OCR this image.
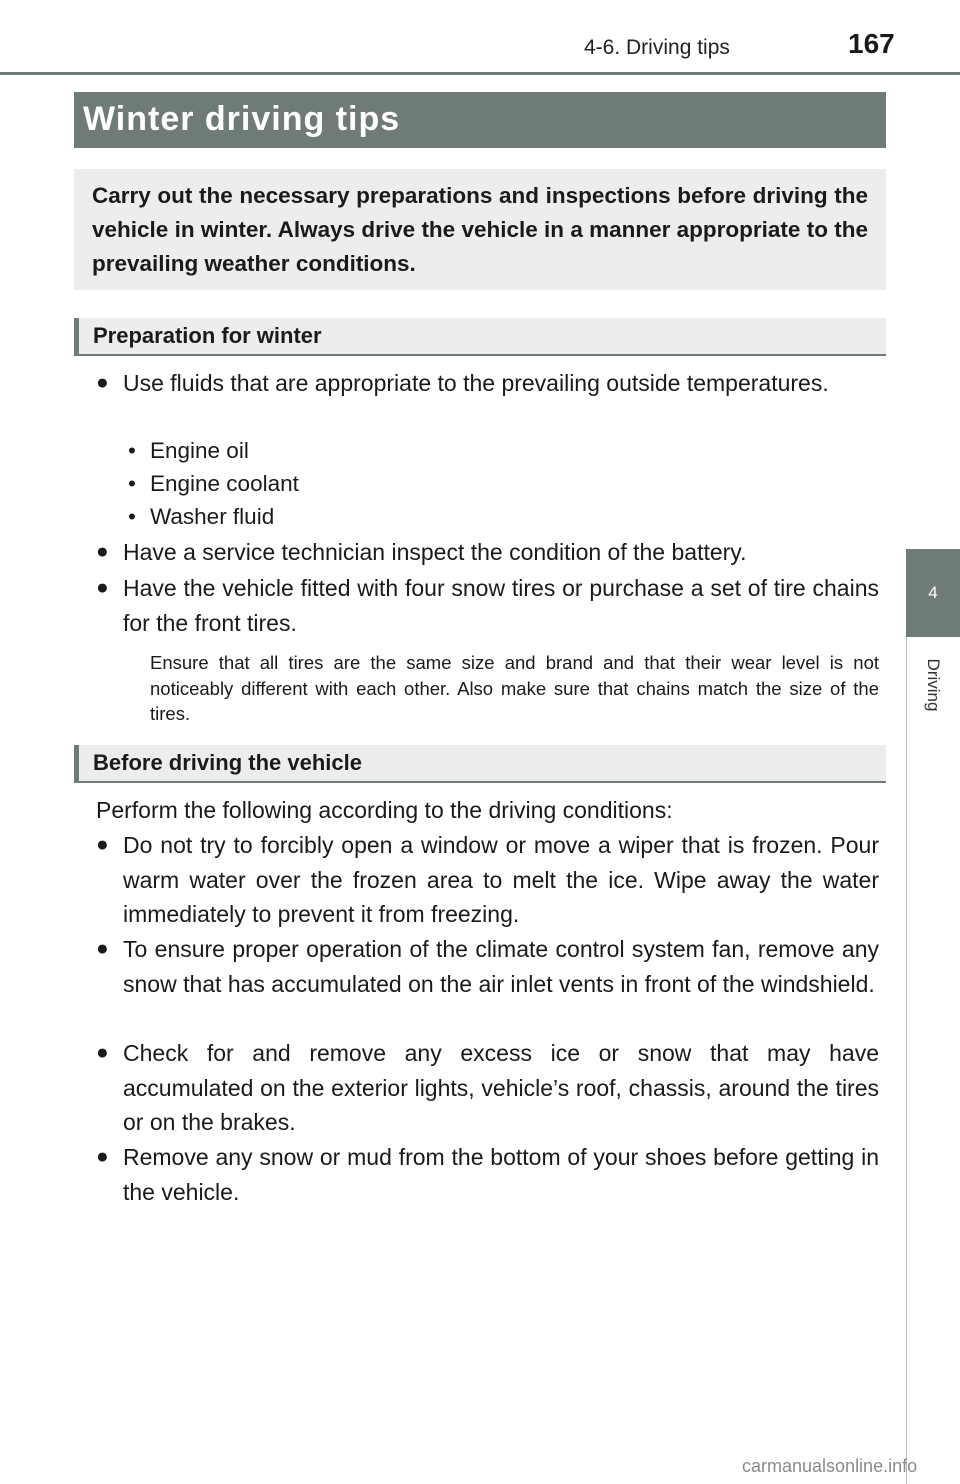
4-6. Driving tips	167
4
Driving
Winter driving tips
Carry out the necessary preparations and inspections before driving the vehicle in winter. Always drive the vehicle in a manner appropriate to the prevailing weather conditions.
Preparation for winter
● Use fluids that are appropriate to the prevailing outside temperatures.
• Engine oil
• Engine coolant
• Washer fluid
● Have a service technician inspect the condition of the battery.
● Have the vehicle fitted with four snow tires or purchase a set of tire chains for the front tires.
Ensure that all tires are the same size and brand and that their wear level is not noticeably different with each other. Also make sure that chains match the size of the tires.
Before driving the vehicle
Perform the following according to the driving conditions:
● Do not try to forcibly open a window or move a wiper that is frozen. Pour warm water over the frozen area to melt the ice. Wipe away the water immediately to prevent it from freezing.
● To ensure proper operation of the climate control system fan, remove any snow that has accumulated on the air inlet vents in front of the windshield.
● Check for and remove any excess ice or snow that may have accumulated on the exterior lights, vehicle’s roof, chassis, around the tires or on the brakes.
● Remove any snow or mud from the bottom of your shoes before getting in the vehicle.
carmanualsonline.info
